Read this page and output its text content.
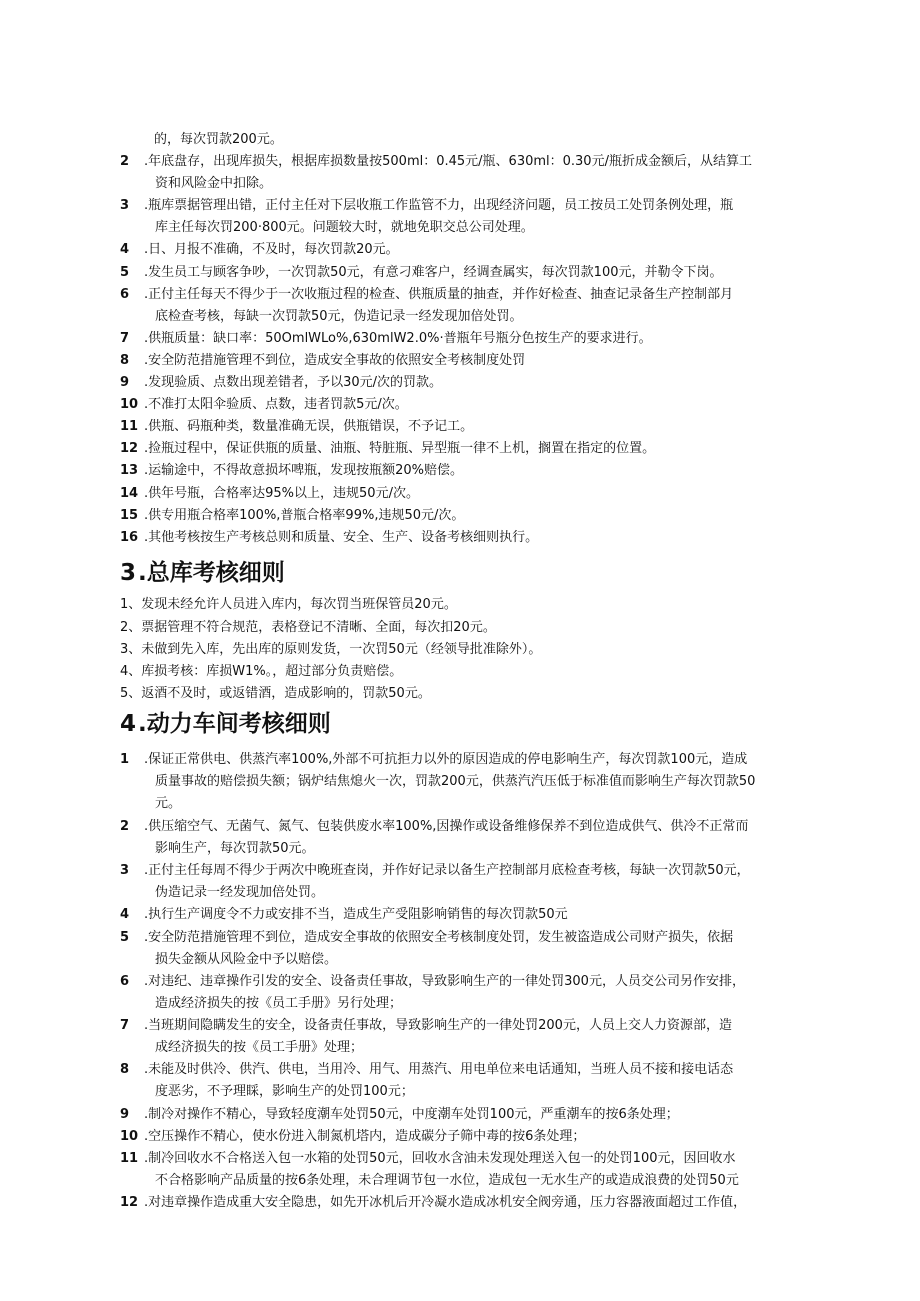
的，每次罚款200元。
2	.年底盘存，出现库损失，根据库损数量按500ml：0.45元/瓶、630ml：0.30元/瓶折成金额后，从结算工
资和风险金中扣除。
3	.瓶库票据管理出错，正付主任对下层收瓶工作监管不力，出现经济问题，员工按员工处罚条例处理，瓶
库主任每次罚200·800元。问题较大时，就地免职交总公司处理。
4	.日、月报不准确，不及时，每次罚款20元。
5	.发生员工与顾客争吵，一次罚款50元，有意刁难客户，经调查属实，每次罚款100元，并勒令下岗。
6	.正付主任每天不得少于一次收瓶过程的检查、供瓶质量的抽查，并作好检查、抽查记录备生产控制部月
底检查考核，每缺一次罚款50元，伪造记录一经发现加倍处罚。
7	.供瓶质量：缺口率：50OmlWLo%,630mlW2.0%·普瓶年号瓶分色按生产的要求进行。
8	.安全防范措施管理不到位，造成安全事故的依照安全考核制度处罚
9	.发现验质、点数出现差错者，予以30元/次的罚款。
10 .不准打太阳伞验质、点数，违者罚款5元/次。
11 .供瓶、码瓶种类，数量准确无误，供瓶错误，不予记工。
12 .捡瓶过程中，保证供瓶的质量、油瓶、特脏瓶、异型瓶一律不上机，搁置在指定的位置。
13 .运输途中，不得故意损坏啤瓶，发现按瓶额20%赔偿。
14 .供年号瓶，合格率达95%以上，违规50元/次。
15 .供专用瓶合格率100%,普瓶合格率99%,违规50元/次。
16 .其他考核按生产考核总则和质量、安全、生产、设备考核细则执行。
3.总库考核细则
1、发现未经允许人员进入库内，每次罚当班保管员20元。
2、票据管理不符合规范，表格登记不清晰、全面，每次扣20元。
3、未做到先入库，先出库的原则发货，一次罚50元（经领导批准除外）。
4、库损考核：库损W1%。，超过部分负责赔偿。
5、返酒不及时，或返错酒，造成影响的，罚款50元。
4.动力车间考核细则
1	.保证正常供电、供蒸汽率100%,外部不可抗拒力以外的原因造成的停电影响生产，每次罚款100元，造成
质量事故的赔偿损失额；锅炉结焦熄火一次，罚款200元，供蒸汽汽压低于标准值而影响生产每次罚款50
元。
2	.供压缩空气、无菌气、氮气、包装供废水率100%,因操作或设备维修保养不到位造成供气、供冷不正常而
影响生产，每次罚款50元。
3	.正付主任每周不得少于两次中晚班查岗，并作好记录以备生产控制部月底检查考核，每缺一次罚款50元，
伪造记录一经发现加倍处罚。
4	.执行生产调度令不力或安排不当，造成生产受阻影响销售的每次罚款50元
5	.安全防范措施管理不到位，造成安全事故的依照安全考核制度处罚，发生被盗造成公司财产损失，依据
损失金额从风险金中予以赔偿。
6	.对违纪、违章操作引发的安全、设备责任事故，导致影响生产的一律处罚300元，人员交公司另作安排，
造成经济损失的按《员工手册》另行处理；
7	.当班期间隐瞒发生的安全，设备责任事故，导致影响生产的一律处罚200元，人员上交人力资源部，造
成经济损失的按《员工手册》处理；
8	.未能及时供冷、供汽、供电，当用冷、用气、用蒸汽、用电单位来电话通知，当班人员不接和接电话态
度恶劣，不予理睬，影响生产的处罚100元；
9	.制冷对操作不精心，导致轻度潮车处罚50元，中度潮车处罚100元，严重潮车的按6条处理；
10 .空压操作不精心，使水份进入制氮机塔内，造成碳分子筛中毒的按6条处理；
11 .制冷回收水不合格送入包一水箱的处罚50元，回收水含油未发现处理送入包一的处罚100元，因回收水
不合格影响产品质量的按6条处理，未合理调节包一水位，造成包一无水生产的或造成浪费的处罚50元
12 .对违章操作造成重大安全隐患，如先开冰机后开冷凝水造成冰机安全阀旁通，压力容器液面超过工作值，
